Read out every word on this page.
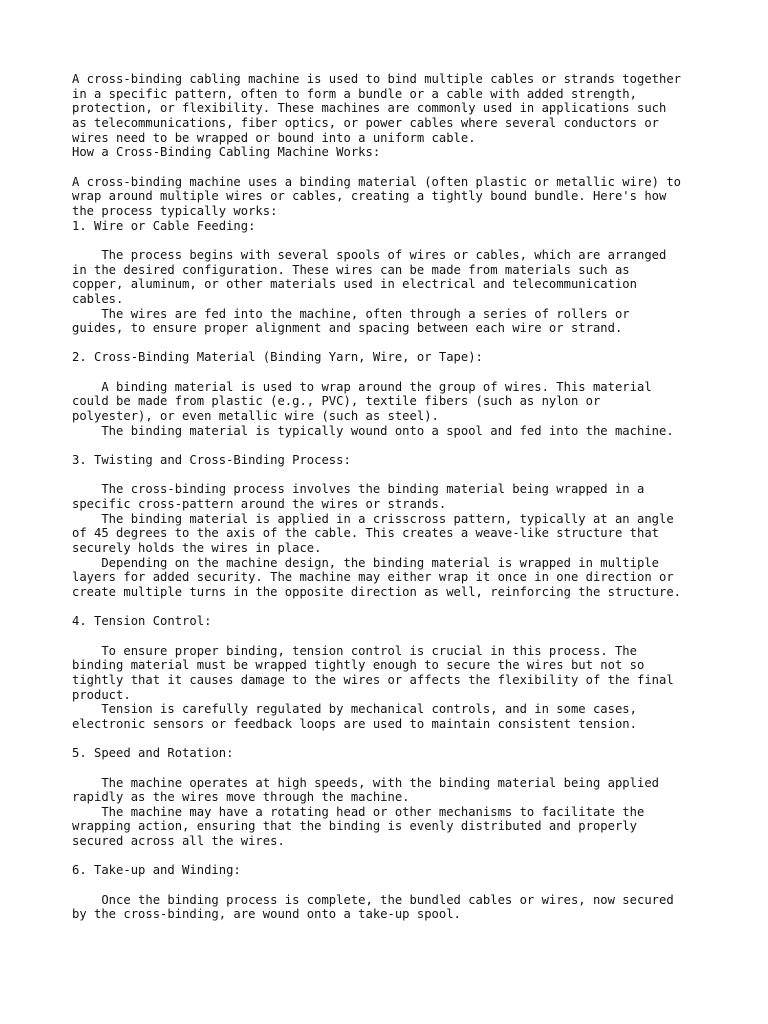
A cross-binding cabling machine is used to bind multiple cables or strands together
in a specific pattern, often to form a bundle or a cable with added strength,
protection, or flexibility. These machines are commonly used in applications such
as telecommunications, fiber optics, or power cables where several conductors or
wires need to be wrapped or bound into a uniform cable.
How a Cross-Binding Cabling Machine Works:

A cross-binding machine uses a binding material (often plastic or metallic wire) to
wrap around multiple wires or cables, creating a tightly bound bundle. Here's how
the process typically works:
1. Wire or Cable Feeding:

The process begins with several spools of wires or cables, which are arranged
in the desired configuration. These wires can be made from materials such as
copper, aluminum, or other materials used in electrical and telecommunication
cables.
The wires are fed into the machine, often through a series of rollers or
guides, to ensure proper alignment and spacing between each wire or strand.

2. Cross-Binding Material (Binding Yarn, Wire, or Tape):

A binding material is used to wrap around the group of wires. This material
could be made from plastic (e.g., PVC), textile fibers (such as nylon or
polyester), or even metallic wire (such as steel).
The binding material is typically wound onto a spool and fed into the machine.

3. Twisting and Cross-Binding Process:

The cross-binding process involves the binding material being wrapped in a
specific cross-pattern around the wires or strands.
The binding material is applied in a crisscross pattern, typically at an angle
of 45 degrees to the axis of the cable. This creates a weave-like structure that
securely holds the wires in place.
Depending on the machine design, the binding material is wrapped in multiple
layers for added security. The machine may either wrap it once in one direction or
create multiple turns in the opposite direction as well, reinforcing the structure.

4. Tension Control:

To ensure proper binding, tension control is crucial in this process. The
binding material must be wrapped tightly enough to secure the wires but not so
tightly that it causes damage to the wires or affects the flexibility of the final
product.
Tension is carefully regulated by mechanical controls, and in some cases,
electronic sensors or feedback loops are used to maintain consistent tension.

5. Speed and Rotation:

The machine operates at high speeds, with the binding material being applied
rapidly as the wires move through the machine.
The machine may have a rotating head or other mechanisms to facilitate the
wrapping action, ensuring that the binding is evenly distributed and properly
secured across all the wires.

6. Take-up and Winding:

Once the binding process is complete, the bundled cables or wires, now secured
by the cross-binding, are wound onto a take-up spool.
